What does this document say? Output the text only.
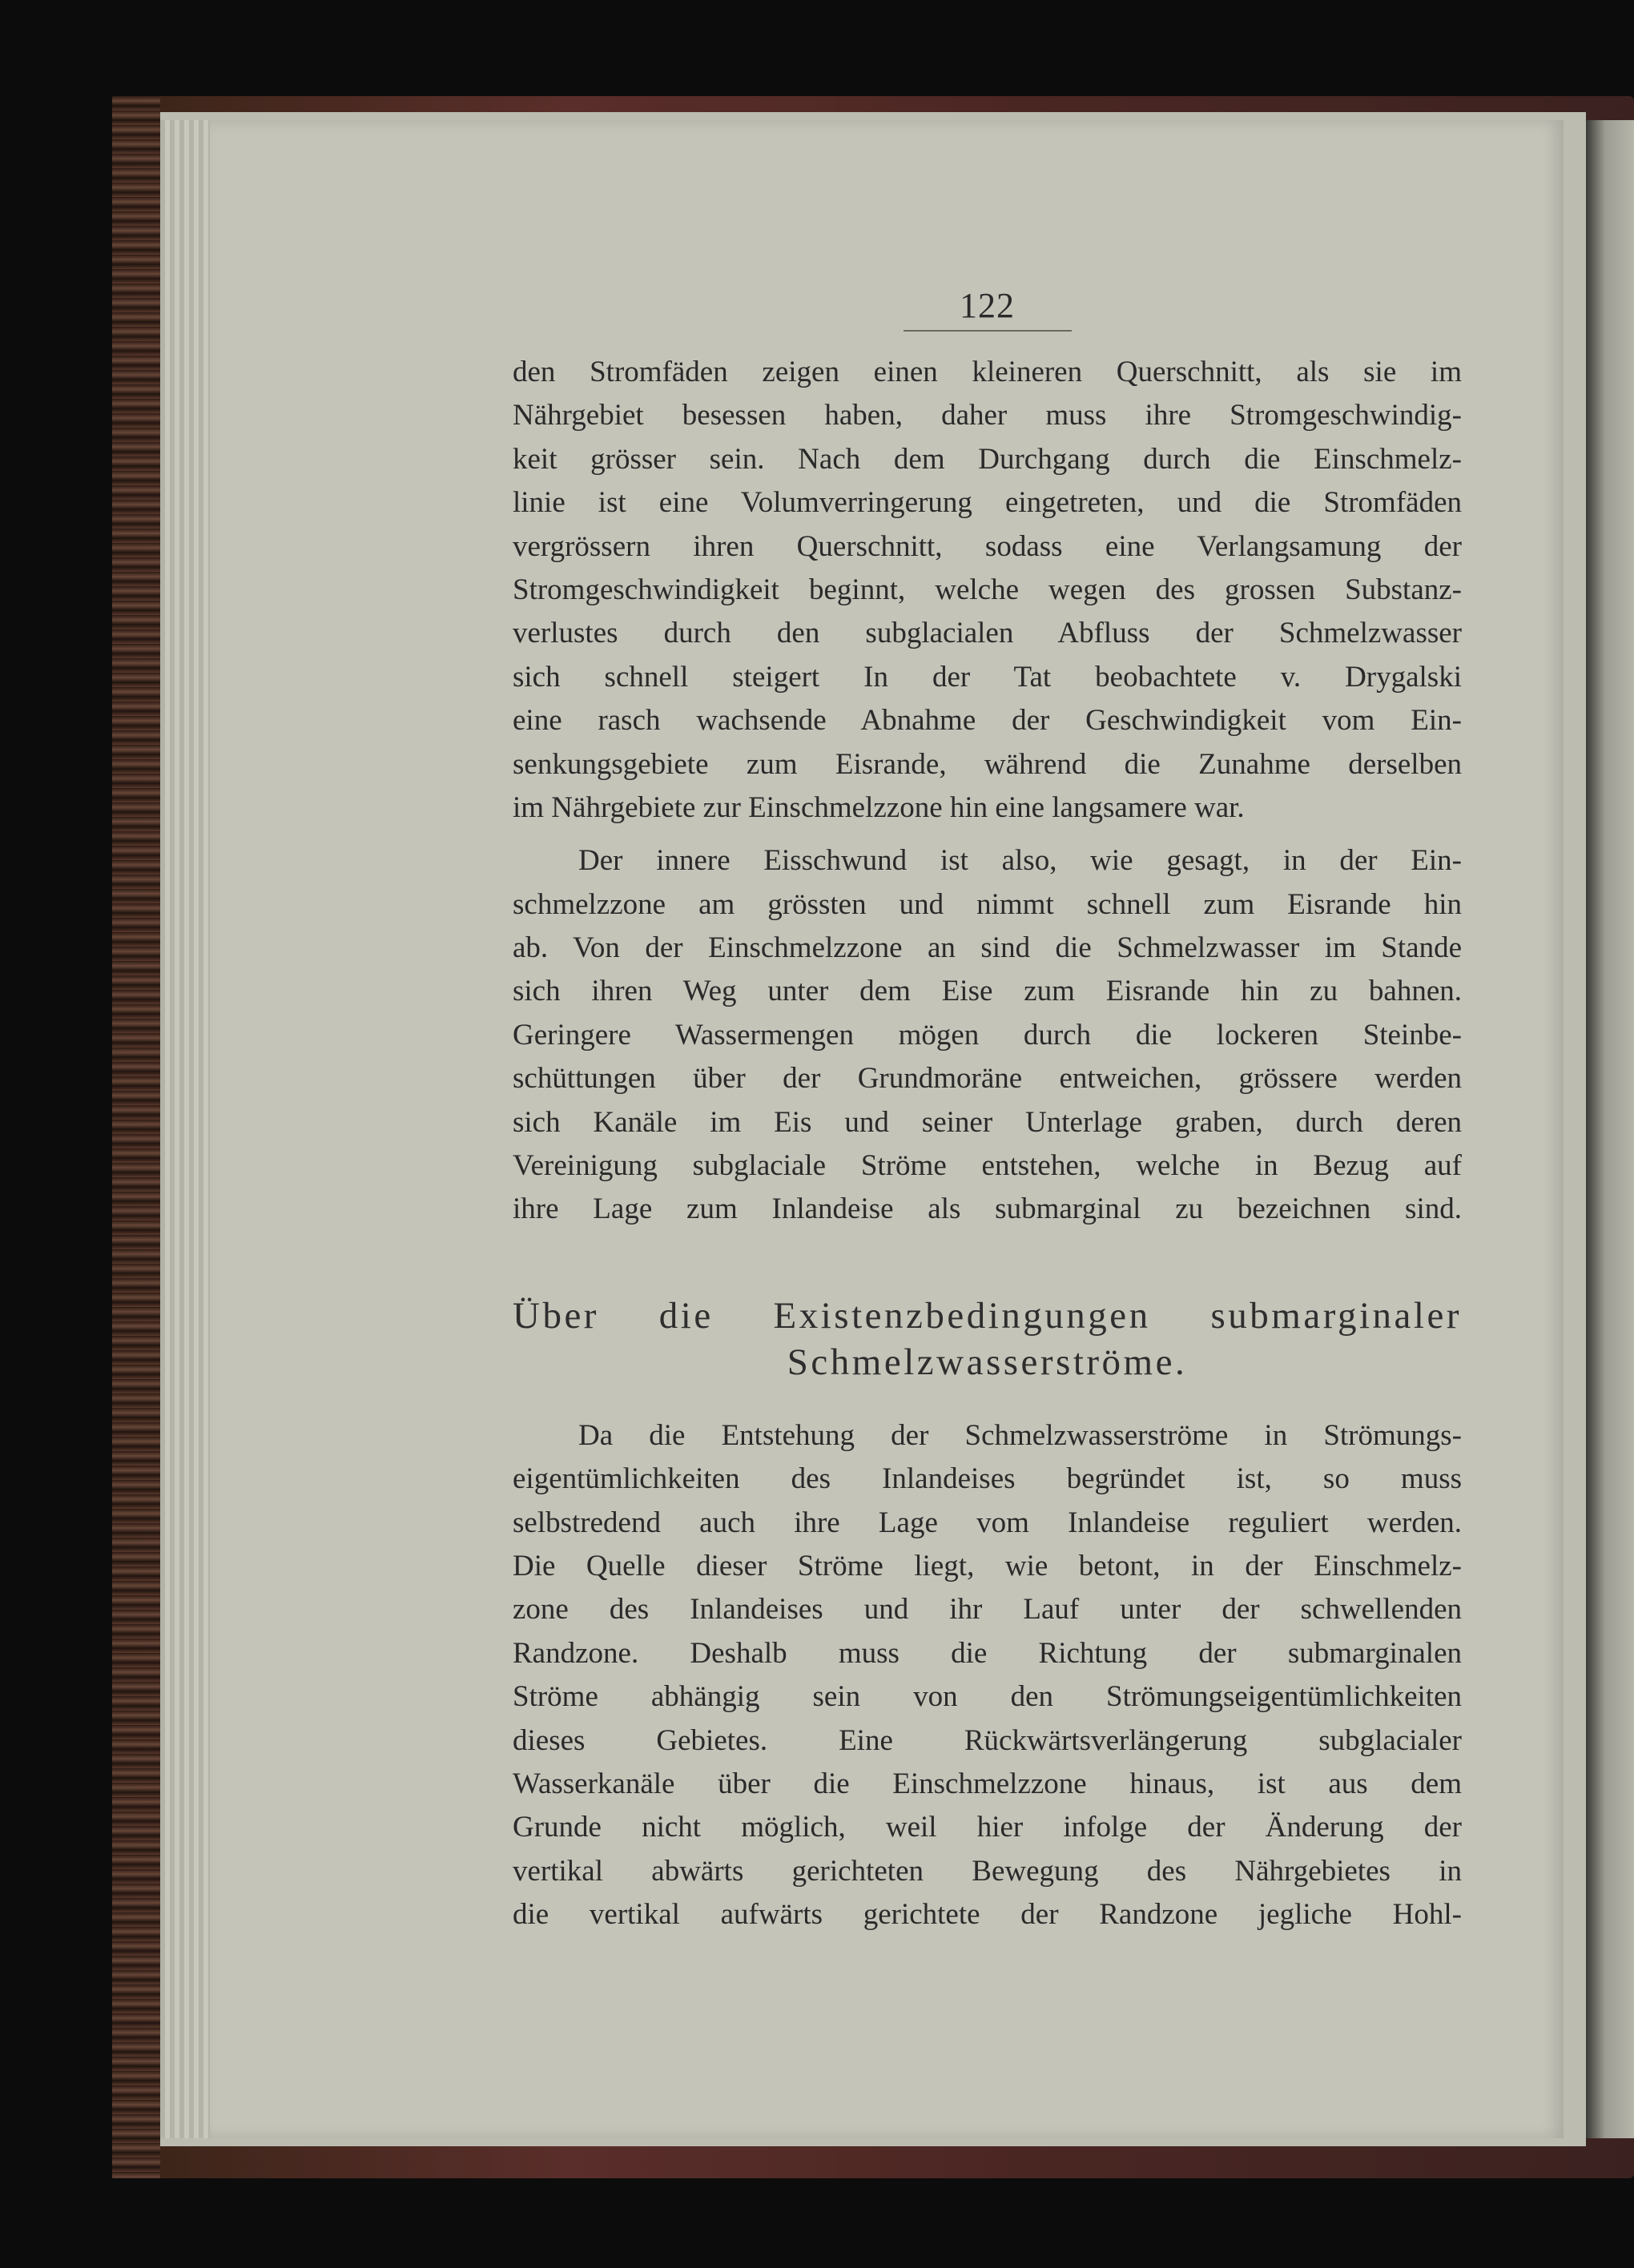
122
den Stromfäden zeigen einen kleineren Querschnitt, als sie im
Nährgebiet besessen haben, daher muss ihre Stromgeschwindig-
keit grösser sein. Nach dem Durchgang durch die Einschmelz-
linie ist eine Volumverringerung eingetreten, und die Stromfäden
vergrössern ihren Querschnitt, sodass eine Verlangsamung der
Stromgeschwindigkeit beginnt, welche wegen des grossen Substanz-
verlustes durch den subglacialen Abfluss der Schmelzwasser
sich schnell steigert In der Tat beobachtete v. Drygalski
eine rasch wachsende Abnahme der Geschwindigkeit vom Ein-
senkungsgebiete zum Eisrande, während die Zunahme derselben
im Nährgebiete zur Einschmelzzone hin eine langsamere war.
Der innere Eisschwund ist also, wie gesagt, in der Ein-
schmelzzone am grössten und nimmt schnell zum Eisrande hin
ab. Von der Einschmelzzone an sind die Schmelzwasser im Stande
sich ihren Weg unter dem Eise zum Eisrande hin zu bahnen.
Geringere Wassermengen mögen durch die lockeren Steinbe-
schüttungen über der Grundmoräne entweichen, grössere werden
sich Kanäle im Eis und seiner Unterlage graben, durch deren
Vereinigung subglaciale Ströme entstehen, welche in Bezug auf
ihre Lage zum Inlandeise als submarginal zu bezeichnen sind.
Über die Existenzbedingungen submarginaler
Schmelzwasserströme.
Da die Entstehung der Schmelzwasserströme in Strömungs-
eigentümlichkeiten des Inlandeises begründet ist, so muss
selbstredend auch ihre Lage vom Inlandeise reguliert werden.
Die Quelle dieser Ströme liegt, wie betont, in der Einschmelz-
zone des Inlandeises und ihr Lauf unter der schwellenden
Randzone. Deshalb muss die Richtung der submarginalen
Ströme abhängig sein von den Strömungseigentümlichkeiten
dieses Gebietes. Eine Rückwärtsverlängerung subglacialer
Wasserkanäle über die Einschmelzzone hinaus, ist aus dem
Grunde nicht möglich, weil hier infolge der Änderung der
vertikal abwärts gerichteten Bewegung des Nährgebietes in
die vertikal aufwärts gerichtete der Randzone jegliche Hohl-
